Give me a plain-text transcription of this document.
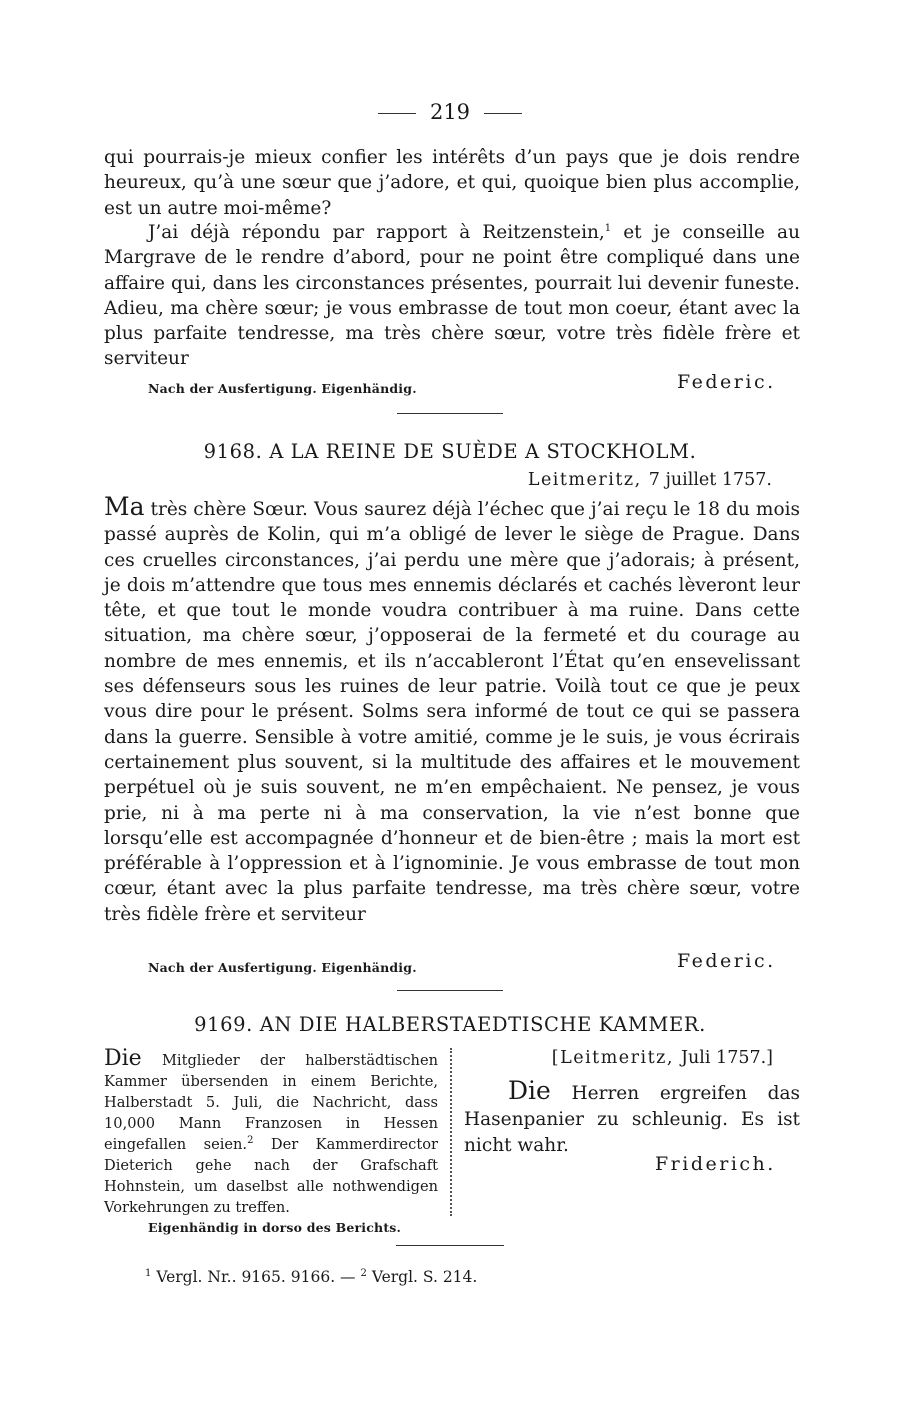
219

qui pourrais-je mieux confier les intérêts d’un pays que je dois rendre heureux, qu’à une sœur que j’adore, et qui, quoique bien plus accomplie, est un autre moi-même?

J’ai déjà répondu par rapport à Reitzenstein,$^1$ et je conseille au Margrave de le rendre d’abord, pour ne point être compliqué dans une affaire qui, dans les circonstances présentes, pourrait lui devenir funeste. Adieu, ma chère sœur; je vous embrasse de tout mon coeur, étant avec la plus parfaite tendresse, ma très chère sœur, votre très fidèle frère et serviteur

Nach der Ausfertigung. Eigenhändig.	Federic.
9168. A LA REINE DE SUÈDE A STOCKHOLM.
Leitmeritz, 7 juillet 1757.

Ma très chère Sœur. Vous saurez déjà l’échec que j’ai reçu le 18 du mois passé auprès de Kolin, qui m’a obligé de lever le siège de Prague. Dans ces cruelles circonstances, j’ai perdu une mère que j’adorais; à présent, je dois m’attendre que tous mes ennemis déclarés et cachés lèveront leur tête, et que tout le monde voudra contribuer à ma ruine. Dans cette situation, ma chère sœur, j’opposerai de la fermeté et du courage au nombre de mes ennemis, et ils n’accableront l’État qu’en ensevelissant ses défenseurs sous les ruines de leur patrie. Voilà tout ce que je peux vous dire pour le présent. Solms sera informé de tout ce qui se passera dans la guerre. Sensible à votre amitié, comme je le suis, je vous écrirais certainement plus souvent, si la multitude des affaires et le mouvement perpétuel où je suis souvent, ne m’en empêchaient. Ne pensez, je vous prie, ni à ma perte ni à ma conservation, la vie n’est bonne que lorsqu’elle est accompagnée d’honneur et de bien-être ; mais la mort est préférable à l’oppression et à l’ignominie. Je vous embrasse de tout mon cœur, étant avec la plus parfaite tendresse, ma très chère sœur, votre très fidèle frère et serviteur

Nach der Ausfertigung. Eigenhändig.	Federic.
9169. AN DIE HALBERSTAEDTISCHE KAMMER.

Die Mitglieder der halberstädtischen Kammer übersenden in einem Berichte, Halberstadt 5. Juli, die Nachricht, dass 10,000 Mann Franzosen in Hessen eingefallen seien.$^2$ Der Kammerdirector Dieterich gehe nach der Grafschaft Hohnstein, um daselbst alle nothwendigen Vorkehrungen zu treffen.

Eigenhändig in dorso des Berichts.
[Leitmeritz, Juli 1757.]

Die Herren ergreifen das Hasenpanier zu schleunig. Es ist nicht wahr.

Friderich.
$^1$ Vergl. Nr.. 9165. 9166. — $^2$ Vergl. S. 214.
